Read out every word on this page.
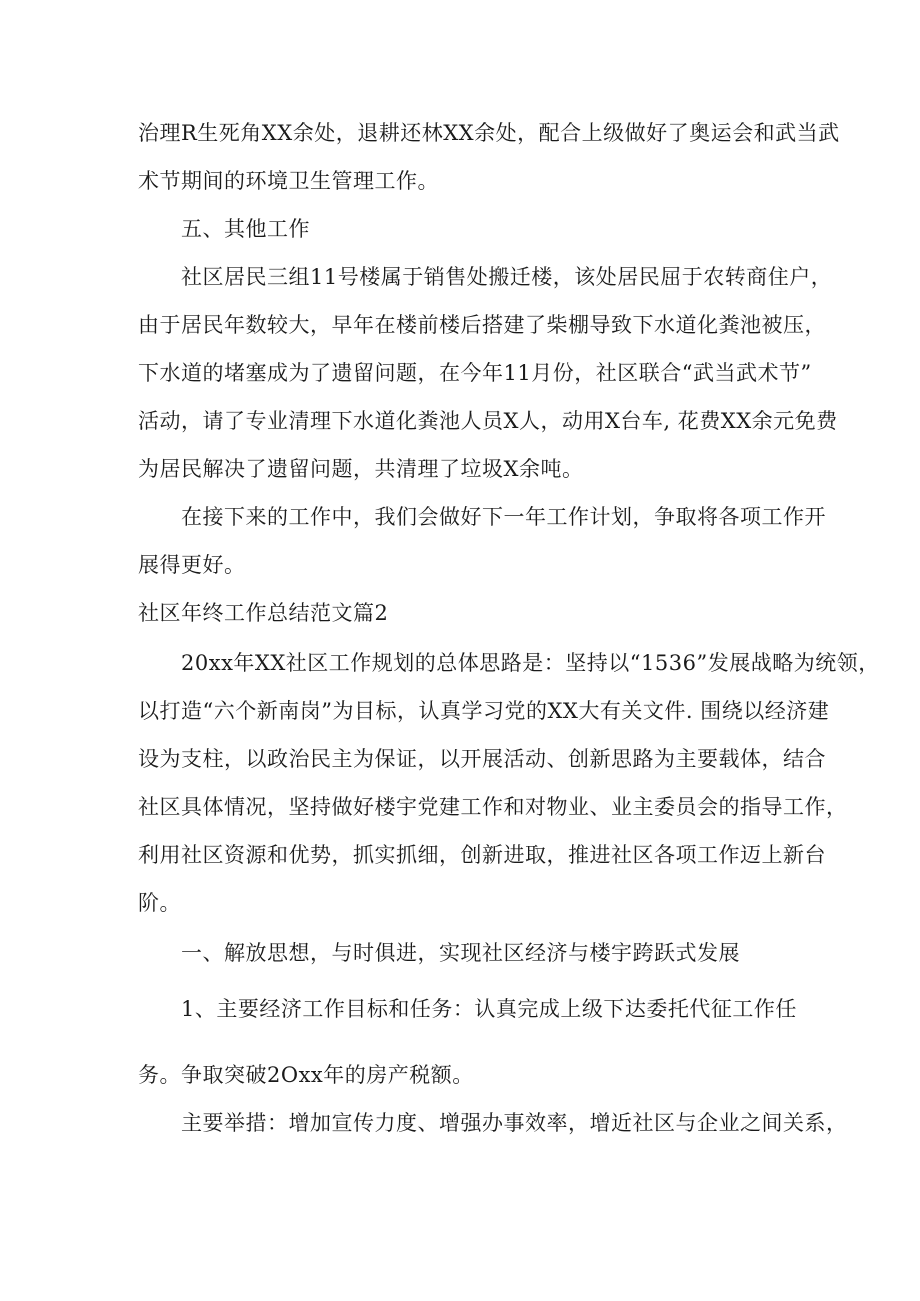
治理R生死角XX余处，退耕还林XX余处，配合上级做好了奥运会和武当武
术节期间的环境卫生管理工作。
五、其他工作
社区居民三组11号楼属于销售处搬迁楼，该处居民屈于农转商住户，
由于居民年数较大，早年在楼前楼后搭建了柴棚导致下水道化粪池被压，
下水道的堵塞成为了遗留问题，在今年11月份，社区联合“武当武术节”
活动，请了专业清理下水道化粪池人员X人，动用X台车, 花费XX余元免费
为居民解决了遗留问题，共清理了垃圾X余吨。
在接下来的工作中，我们会做好下一年工作计划，争取将各项工作开
展得更好。
社区年终工作总结范文篇2
20xx年XX社区工作规划的总体思路是：坚持以“1536”发展战略为统领，
以打造“六个新南岗”为目标，认真学习党的XX大有关文件. 围绕以经济建
设为支柱，以政治民主为保证，以开展活动、创新思路为主要载体，结合
社区具体情况，坚持做好楼宇党建工作和对物业、业主委员会的指导工作，
利用社区资源和优势，抓实抓细，创新进取，推进社区各项工作迈上新台
阶。
一、解放思想，与时俱进，实现社区经济与楼宇跨跃式发展
1、主要经济工作目标和任务：认真完成上级下达委托代征工作任
务。争取突破2Oxx年的房产税额。
主要举措：增加宣传力度、增强办事效率，增近社区与企业之间关系，
